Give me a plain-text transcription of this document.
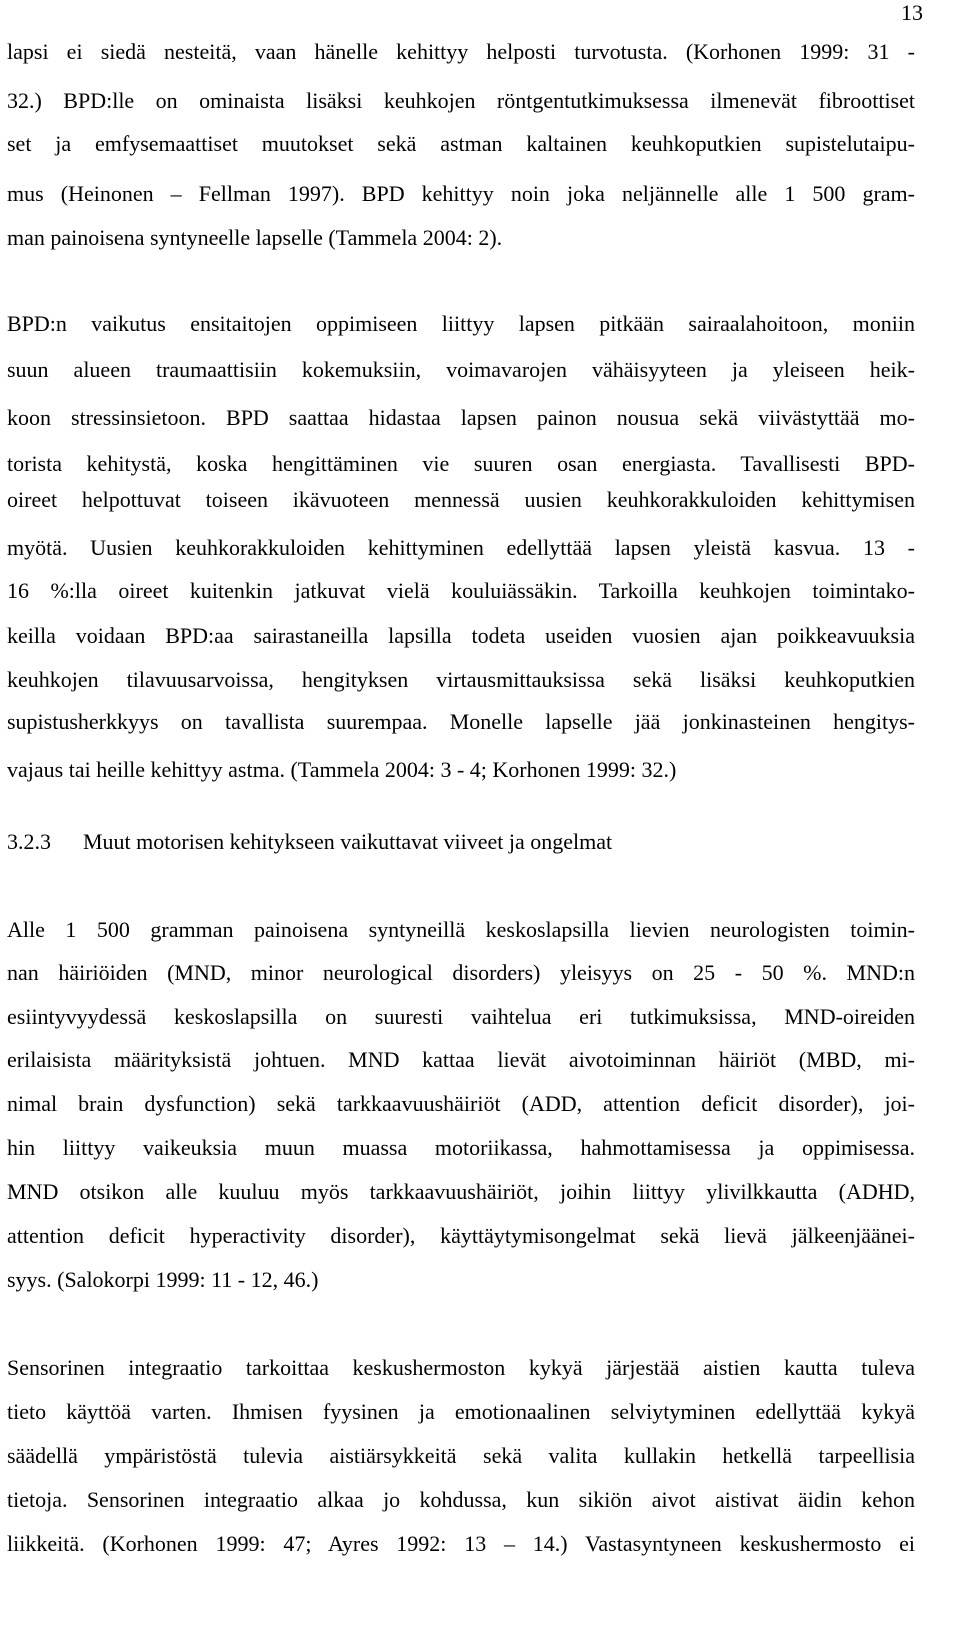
13
lapsi ei siedä nesteitä, vaan hänelle kehittyy helposti turvotusta. (Korhonen 1999: 31 -
32.) BPD:lle on ominaista lisäksi keuhkojen röntgentutkimuksessa ilmenevät fibroottiset
set ja emfysemaattiset muutokset sekä astman kaltainen keuhkoputkien supistelutaipu-
mus (Heinonen – Fellman 1997). BPD kehittyy noin joka neljännelle alle 1 500 gram-
man painoisena syntyneelle lapselle (Tammela 2004: 2).
BPD:n vaikutus ensitaitojen oppimiseen liittyy lapsen pitkään sairaalahoitoon, moniin
suun alueen traumaattisiin kokemuksiin, voimavarojen vähäisyyteen ja yleiseen heik-
koon stressinsietoon. BPD saattaa hidastaa lapsen painon nousua sekä viivästyttää mo-
torista kehitystä, koska hengittäminen vie suuren osan energiasta. Tavallisesti BPD-
oireet helpottuvat toiseen ikävuoteen mennessä uusien keuhkorakkuloiden kehittymisen
myötä. Uusien keuhkorakkuloiden kehittyminen edellyttää lapsen yleistä kasvua. 13 -
16 %:lla oireet kuitenkin jatkuvat vielä kouluiässäkin. Tarkoilla keuhkojen toimintako-
keilla voidaan BPD:aa sairastaneilla lapsilla todeta useiden vuosien ajan poikkeavuuksia
keuhkojen tilavuusarvoissa, hengityksen virtausmittauksissa sekä lisäksi keuhkoputkien
supistusherkkyys on tavallista suurempaa. Monelle lapselle jää jonkinasteinen hengitys-
vajaus tai heille kehittyy astma. (Tammela 2004: 3 - 4; Korhonen 1999: 32.)
3.2.3 Muut motorisen kehitykseen vaikuttavat viiveet ja ongelmat
Alle 1 500 gramman painoisena syntyneillä keskoslapsilla lievien neurologisten toimin-
nan häiriöiden (MND, minor neurological disorders) yleisyys on 25 - 50 %. MND:n
esiintyvyydessä keskoslapsilla on suuresti vaihtelua eri tutkimuksissa, MND-oireiden
erilaisista määrityksistä johtuen. MND kattaa lievät aivotoiminnan häiriöt (MBD, mi-
nimal brain dysfunction) sekä tarkkaavuushäiriöt (ADD, attention deficit disorder), joi-
hin liittyy vaikeuksia muun muassa motoriikassa, hahmottamisessa ja oppimisessa.
MND otsikon alle kuuluu myös tarkkaavuushäiriöt, joihin liittyy ylivilkkautta (ADHD,
attention deficit hyperactivity disorder), käyttäytymisongelmat sekä lievä jälkeenjäänei-
syys. (Salokorpi 1999: 11 - 12, 46.)
Sensorinen integraatio tarkoittaa keskushermoston kykyä järjestää aistien kautta tuleva
tieto käyttöä varten. Ihmisen fyysinen ja emotionaalinen selviytyminen edellyttää kykyä
säädellä ympäristöstä tulevia aistiärsykkeitä sekä valita kullakin hetkellä tarpeellisia
tietoja. Sensorinen integraatio alkaa jo kohdussa, kun sikiön aivot aistivat äidin kehon
liikkeitä. (Korhonen 1999: 47; Ayres 1992: 13 – 14.) Vastasyntyneen keskushermosto ei
